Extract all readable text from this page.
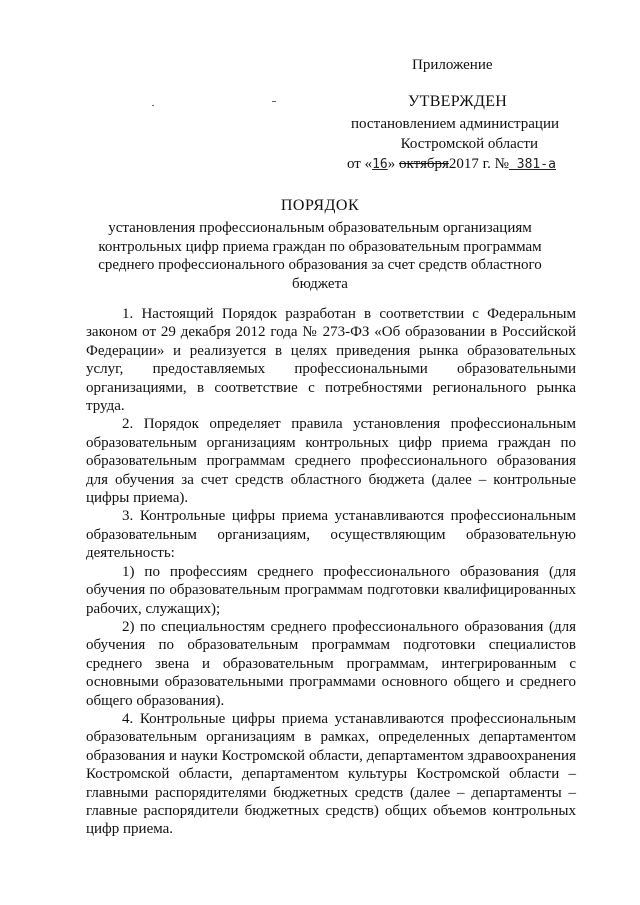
Приложение
УТВЕРЖДЕН
постановлением администрации
Костромской области
от «16» октября2017 г. № 381-а
ПОРЯДОК
установления профессиональным образовательным организациям контрольных цифр приема граждан по образовательным программам среднего профессионального образования за счет средств областного бюджета

1. Настоящий Порядок разработан в соответствии с Федеральным законом от 29 декабря 2012 года № 273-ФЗ «Об образовании в Российской Федерации» и реализуется в целях приведения рынка образовательных услуг, предоставляемых профессиональными образовательными организациями, в соответствие с потребностями регионального рынка труда.

2. Порядок определяет правила установления профессиональным образовательным организациям контрольных цифр приема граждан по образовательным программам среднего профессионального образования для обучения за счет средств областного бюджета (далее – контрольные цифры приема).

3. Контрольные цифры приема устанавливаются профессиональным образовательным организациям, осуществляющим образовательную деятельность:

1) по профессиям среднего профессионального образования (для обучения по образовательным программам подготовки квалифицированных рабочих, служащих);

2) по специальностям среднего профессионального образования (для обучения по образовательным программам подготовки специалистов среднего звена и образовательным программам, интегрированным с основными образовательными программами основного общего и среднего общего образования).

4. Контрольные цифры приема устанавливаются профессиональным образовательным организациям в рамках, определенных департаментом образования и науки Костромской области, департаментом здравоохранения Костромской области, департаментом культуры Костромской области – главными распорядителями бюджетных средств (далее – департаменты – главные распорядители бюджетных средств) общих объемов контрольных цифр приема.
